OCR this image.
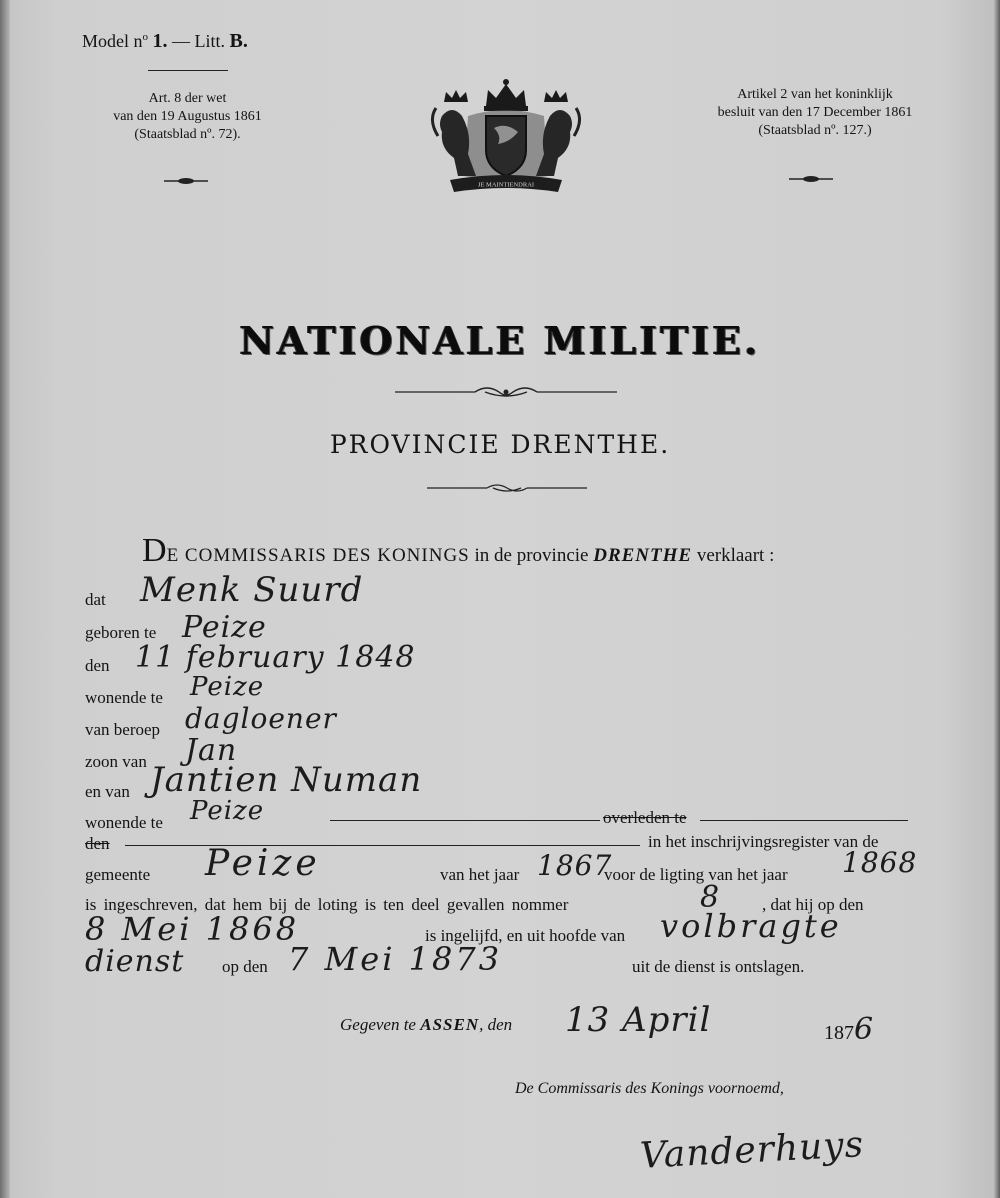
Model $n^o$ 1. — Litt. B.
Art. 8 der wet
van den 19 Augustus 1861
(Staatsblad nº. 72).
Artikel 2 van het koninklijk
besluit van den 17 December 1861
(Staatsblad nº. 127.)
JE MAINTIENDRAI
NATIONALE MILITIE.
PROVINCIE DRENTHE.
DE COMMISSARIS DES KONINGS in de provincie DRENTHE verklaart :
dat Menk Suurd
geboren te Peize
den 11 february 1848
wonende te Peize
van beroep dagloener
zoon van Jan
en van Jantien Numan
wonende te Peize	overleden te
den	in het inschrijvingsregister van de
gemeente Peize	van het jaar 1867
voor de ligting van het jaar 1868
is ingeschreven, dat hem bij de loting is ten deel gevallen nommer	8 , dat hij op den
8 Mei 1868	is ingelijfd, en uit hoofde van volbragte
dienst op den 7 Mei 1873	uit de dienst is ontslagen.
Gegeven te ASSEN, den 13 April	1876
De Commissaris des Konings voornoemd,
Vanderhuys
